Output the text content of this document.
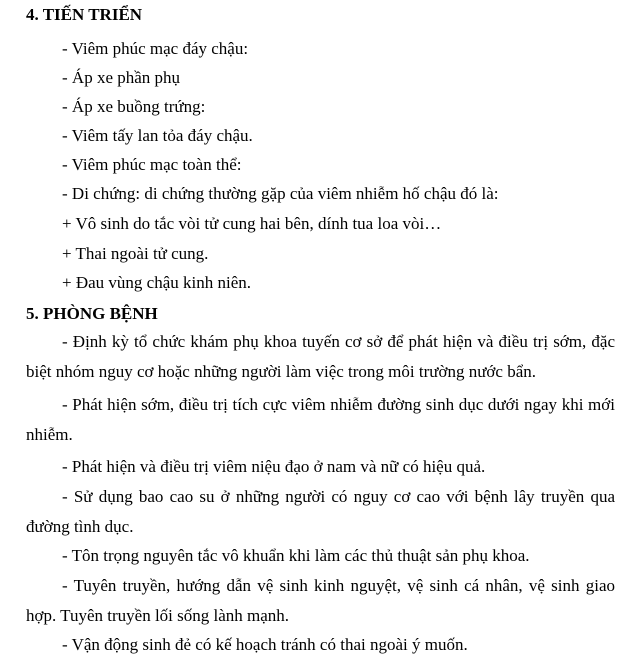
4. TIẾN TRIỂN
- Viêm phúc mạc đáy chậu:
- Áp xe phần phụ
- Áp xe buồng trứng:
- Viêm tấy lan tỏa đáy chậu.
- Viêm phúc mạc toàn thể:
- Di chứng: di chứng thường gặp của viêm nhiễm hố chậu đó là:
+ Vô sinh do tắc vòi tử cung hai bên, dính tua loa vòi…
+ Thai ngoài tử cung.
+ Đau vùng chậu kinh niên.
5. PHÒNG BỆNH
- Định kỳ tổ chức khám phụ khoa tuyến cơ sở để phát hiện và điều trị sớm, đặc biệt nhóm nguy cơ hoặc những người làm việc trong môi trường nước bẩn.
- Phát hiện sớm, điều trị tích cực viêm nhiễm đường sinh dục dưới ngay khi mới nhiễm.
- Phát hiện và điều trị viêm niệu đạo ở nam và nữ có hiệu quả.
- Sử dụng bao cao su ở những người có nguy cơ cao với bệnh lây truyền qua đường tình dục.
- Tôn trọng nguyên tắc vô khuẩn khi làm các thủ thuật sản phụ khoa.
- Tuyên truyền, hướng dẫn vệ sinh kinh nguyệt, vệ sinh cá nhân, vệ sinh giao hợp. Tuyên truyền lối sống lành mạnh.
- Vận động sinh đẻ có kế hoạch tránh có thai ngoài ý muốn.
